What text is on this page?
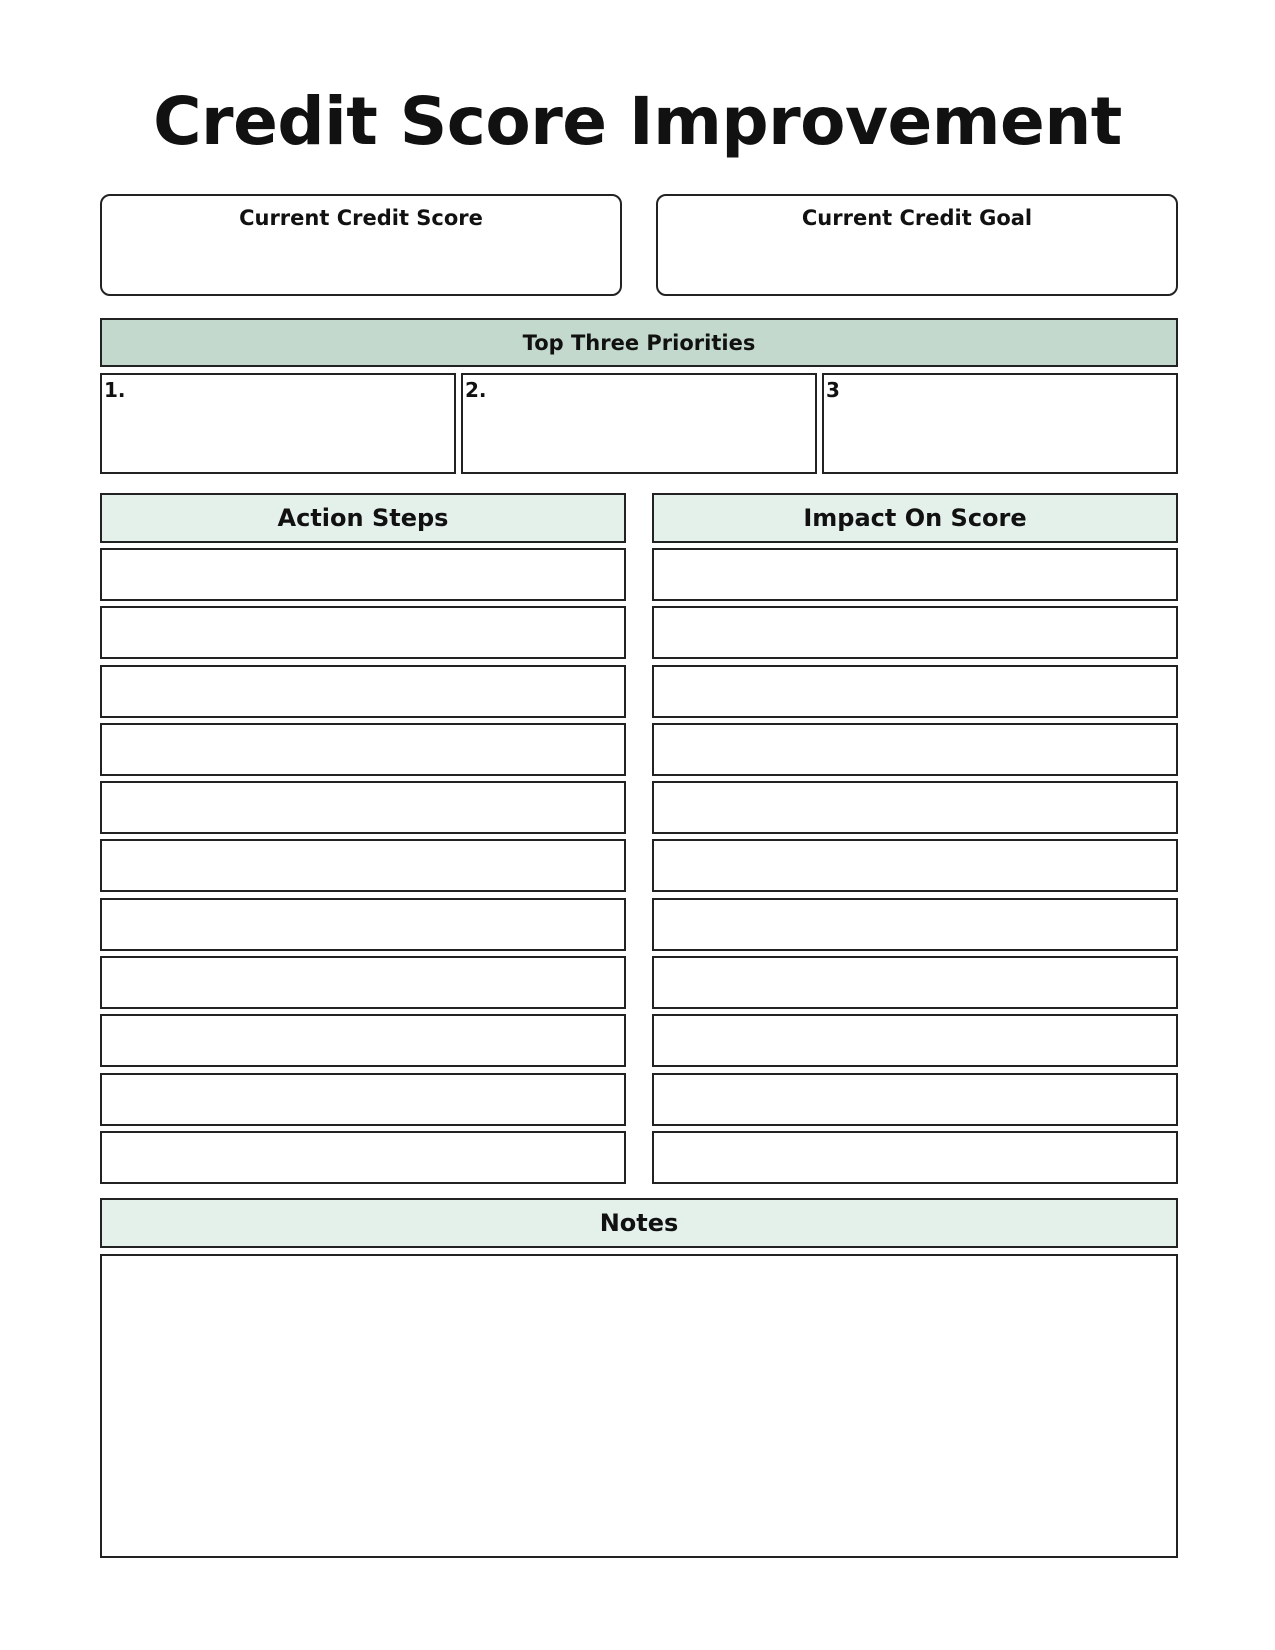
Credit Score Improvement
Current Credit Score	Current Credit Goal
Top Three Priorities
1.	2.	3
Action Steps	Impact On Score
Notes
